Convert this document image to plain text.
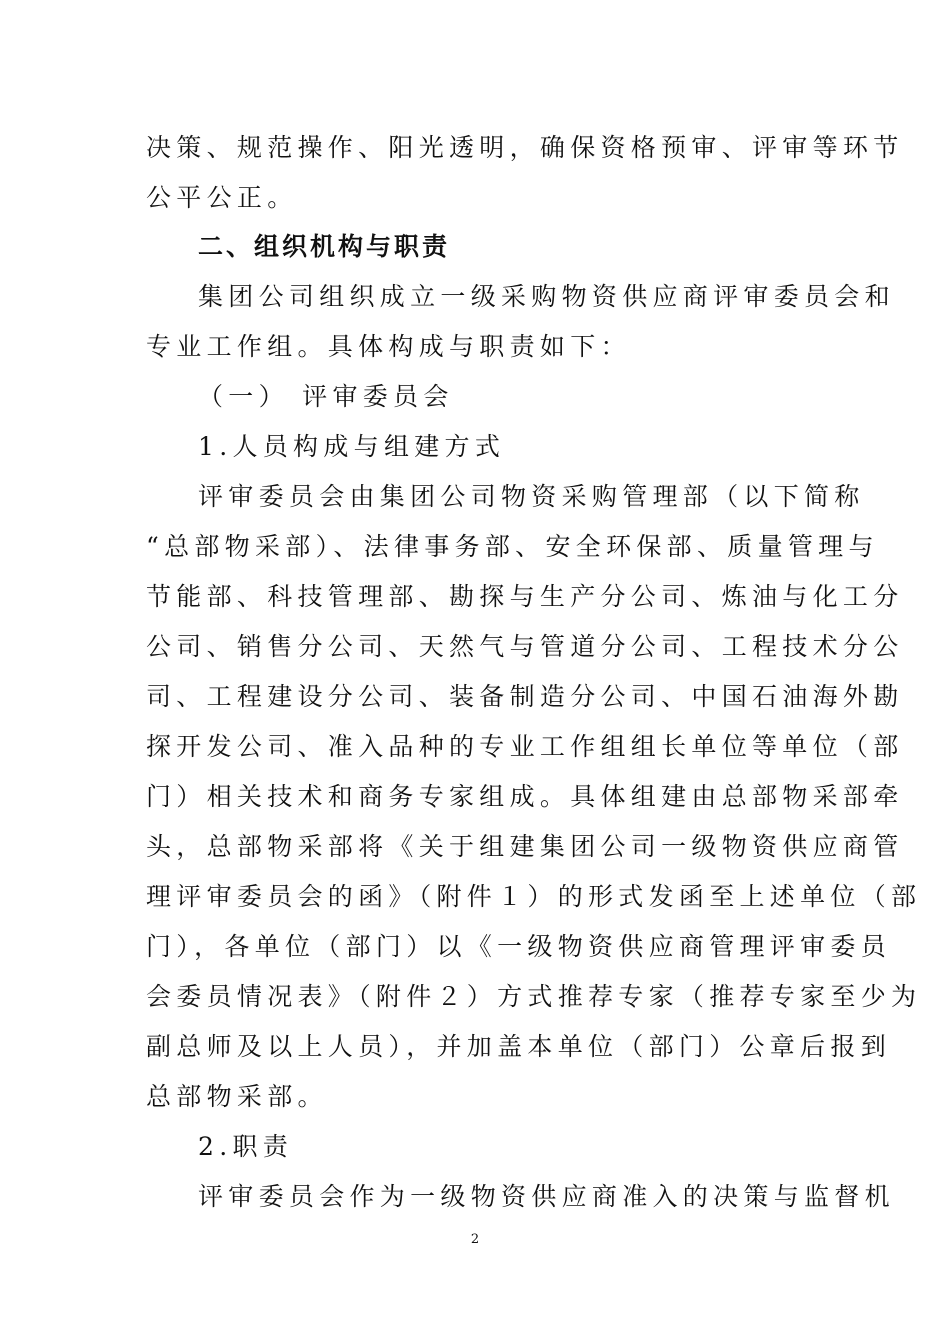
决策、规范操作、阳光透明，确保资格预审、评审等环节
公平公正。
二、组织机构与职责
集团公司组织成立一级采购物资供应商评审委员会和
专业工作组。具体构成与职责如下：
（一） 评审委员会
1.人员构成与组建方式
评审委员会由集团公司物资采购管理部（以下简称
“总部物采部）、法律事务部、安全环保部、质量管理与
节能部、科技管理部、勘探与生产分公司、炼油与化工分
公司、销售分公司、天然气与管道分公司、工程技术分公
司、工程建设分公司、装备制造分公司、中国石油海外勘
探开发公司、准入品种的专业工作组组长单位等单位（部
门）相关技术和商务专家组成。具体组建由总部物采部牵
头，总部物采部将《关于组建集团公司一级物资供应商管
理评审委员会的函》（附件１）的形式发函至上述单位（部
门），各单位（部门）以《一级物资供应商管理评审委员
会委员情况表》（附件２）方式推荐专家（推荐专家至少为
副总师及以上人员），并加盖本单位（部门）公章后报到
总部物采部。
2.职责
评审委员会作为一级物资供应商准入的决策与监督机
2
